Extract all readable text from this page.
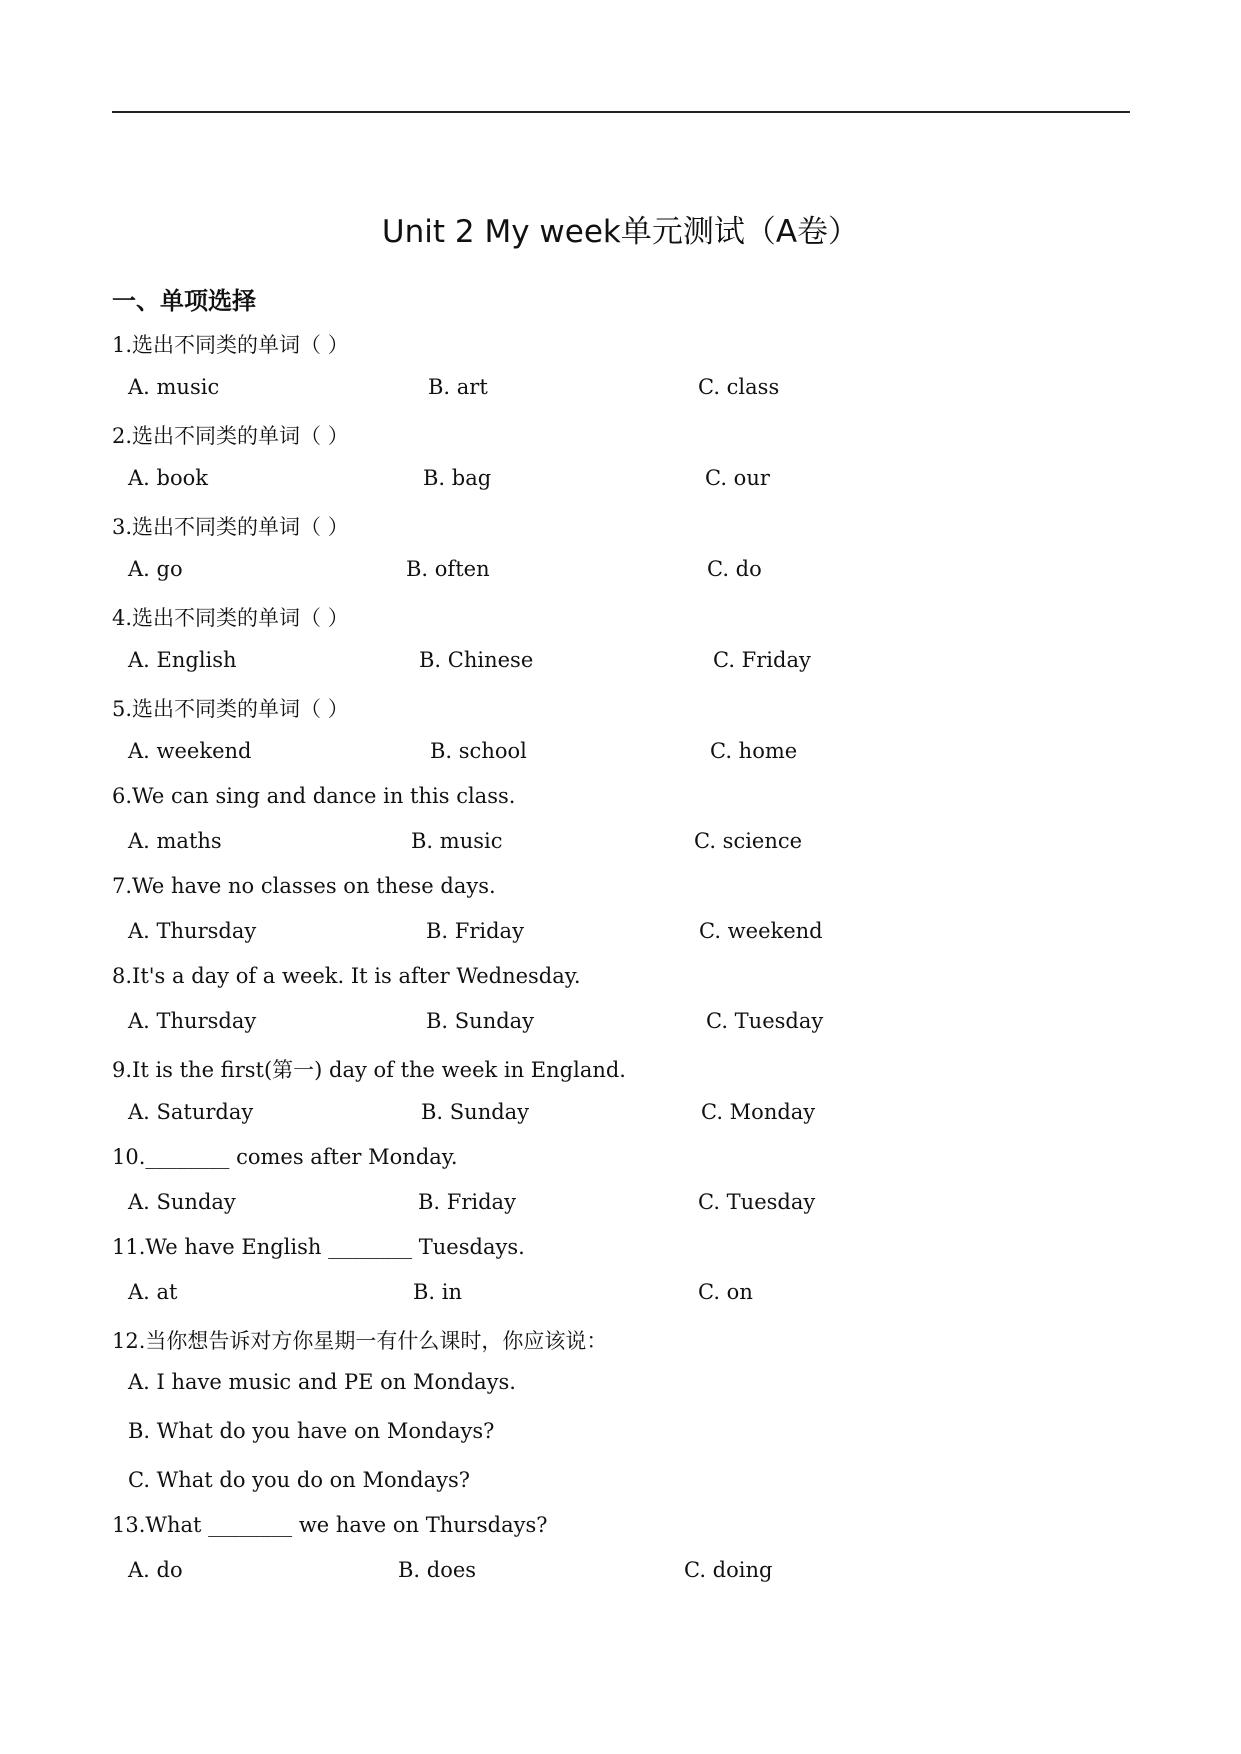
Unit 2 My week单元测试（A卷）
一、单项选择
1.选出不同类的单词（ ）
A. music	B. art	C. class
2.选出不同类的单词（ ）
A. book	B. bag	C. our
3.选出不同类的单词（ ）
A. go	B. often	C. do
4.选出不同类的单词（ ）
A. English	B. Chinese	C. Friday
5.选出不同类的单词（ ）
A. weekend	B. school	C. home
6.We can sing and dance in this class.
A. maths	B. music	C. science
7.We have no classes on these days.
A. Thursday	B. Friday	C. weekend
8.It's a day of a week. It is after Wednesday.
A. Thursday	B. Sunday	C. Tuesday
9.It is the first(第一) day of the week in England.
A. Saturday	B. Sunday	C. Monday
10.________ comes after Monday.
A. Sunday	B. Friday	C. Tuesday
11.We have English ________ Tuesdays.
A. at	B. in	C. on
12.当你想告诉对方你星期一有什么课时，你应该说：
A. I have music and PE on Mondays.
B. What do you have on Mondays?
C. What do you do on Mondays?
13.What ________ we have on Thursdays?
A. do	B. does	C. doing
